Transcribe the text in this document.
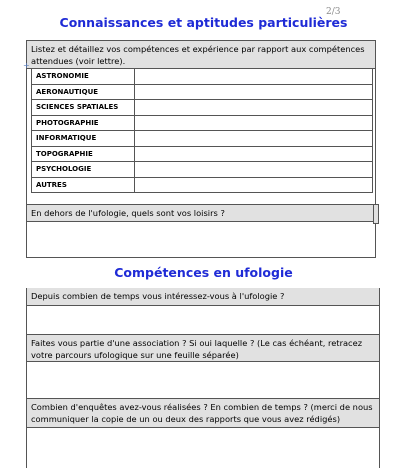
2/3
Connaissances et aptitudes particulières
Listez et détaillez vos compétences et expérience par rapport aux compétences attendues (voir lettre).
+
ASTRONOMIE	
AERONAUTIQUE	
SCIENCES SPATIALES	
PHOTOGRAPHIE	
INFORMATIQUE	
TOPOGRAPHIE	
PSYCHOLOGIE	
AUTRES	
En dehors de l'ufologie, quels sont vos loisirs ?
Compétences en ufologie
Depuis combien de temps vous intéressez-vous à l'ufologie ?
Faites vous partie d'une association ? Si oui laquelle ? (Le cas échéant, retracez votre parcours ufologique sur une feuille séparée)
Combien d'enquêtes avez-vous réalisées ? En combien de temps ? (merci de nous communiquer la copie de un ou deux des rapports que vous avez rédigés)
